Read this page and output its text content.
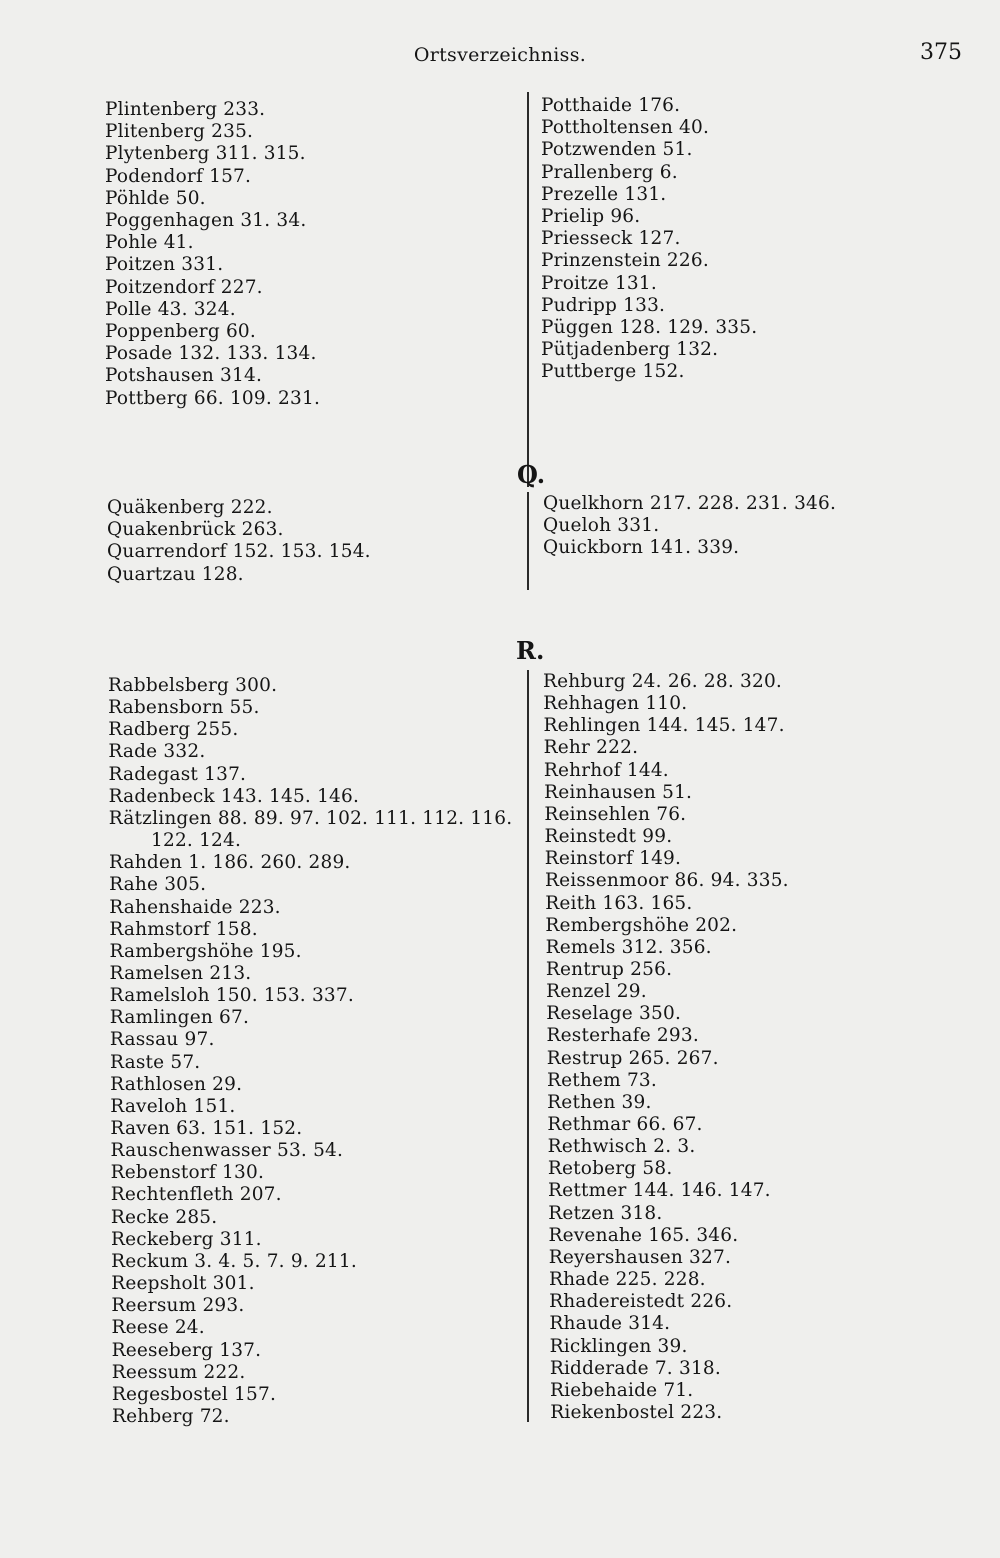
Ortsverzeichniss.	375
Q.
R.
Plintenberg 233.
Plitenberg 235.
Plytenberg 311. 315.
Podendorf 157.
Pöhlde 50.
Poggenhagen 31. 34.
Pohle 41.
Poitzen 331.
Poitzendorf 227.
Polle 43. 324.
Poppenberg 60.
Posade 132. 133. 134.
Potshausen 314.
Pottberg 66. 109. 231.
Potthaide 176.
Pottholtensen 40.
Potzwenden 51.
Prallenberg 6.
Prezelle 131.
Prielip 96.
Priesseck 127.
Prinzenstein 226.
Proitze 131.
Pudripp 133.
Püggen 128. 129. 335.
Pütjadenberg 132.
Puttberge 152.
Quäkenberg 222.
Quakenbrück 263.
Quarrendorf 152. 153. 154.
Quartzau 128.
Quelkhorn 217. 228. 231. 346.
Queloh 331.
Quickborn 141. 339.
Rabbelsberg 300.
Rabensborn 55.
Radberg 255.
Rade 332.
Radegast 137.
Radenbeck 143. 145. 146.
Rätzlingen 88. 89. 97. 102. 111. 112. 116.
122. 124.
Rahden 1. 186. 260. 289.
Rahe 305.
Rahenshaide 223.
Rahmstorf 158.
Rambergshöhe 195.
Ramelsen 213.
Ramelsloh 150. 153. 337.
Ramlingen 67.
Rassau 97.
Raste 57.
Rathlosen 29.
Raveloh 151.
Raven 63. 151. 152.
Rauschenwasser 53. 54.
Rebenstorf 130.
Rechtenfleth 207.
Recke 285.
Reckeberg 311.
Reckum 3. 4. 5. 7. 9. 211.
Reepsholt 301.
Reersum 293.
Reese 24.
Reeseberg 137.
Reessum 222.
Regesbostel 157.
Rehberg 72.
Rehburg 24. 26. 28. 320.
Rehhagen 110.
Rehlingen 144. 145. 147.
Rehr 222.
Rehrhof 144.
Reinhausen 51.
Reinsehlen 76.
Reinstedt 99.
Reinstorf 149.
Reissenmoor 86. 94. 335.
Reith 163. 165.
Rembergshöhe 202.
Remels 312. 356.
Rentrup 256.
Renzel 29.
Reselage 350.
Resterhafe 293.
Restrup 265. 267.
Rethem 73.
Rethen 39.
Rethmar 66. 67.
Rethwisch 2. 3.
Retoberg 58.
Rettmer 144. 146. 147.
Retzen 318.
Revenahe 165. 346.
Reyershausen 327.
Rhade 225. 228.
Rhadereistedt 226.
Rhaude 314.
Ricklingen 39.
Ridderade 7. 318.
Riebehaide 71.
Riekenbostel 223.
